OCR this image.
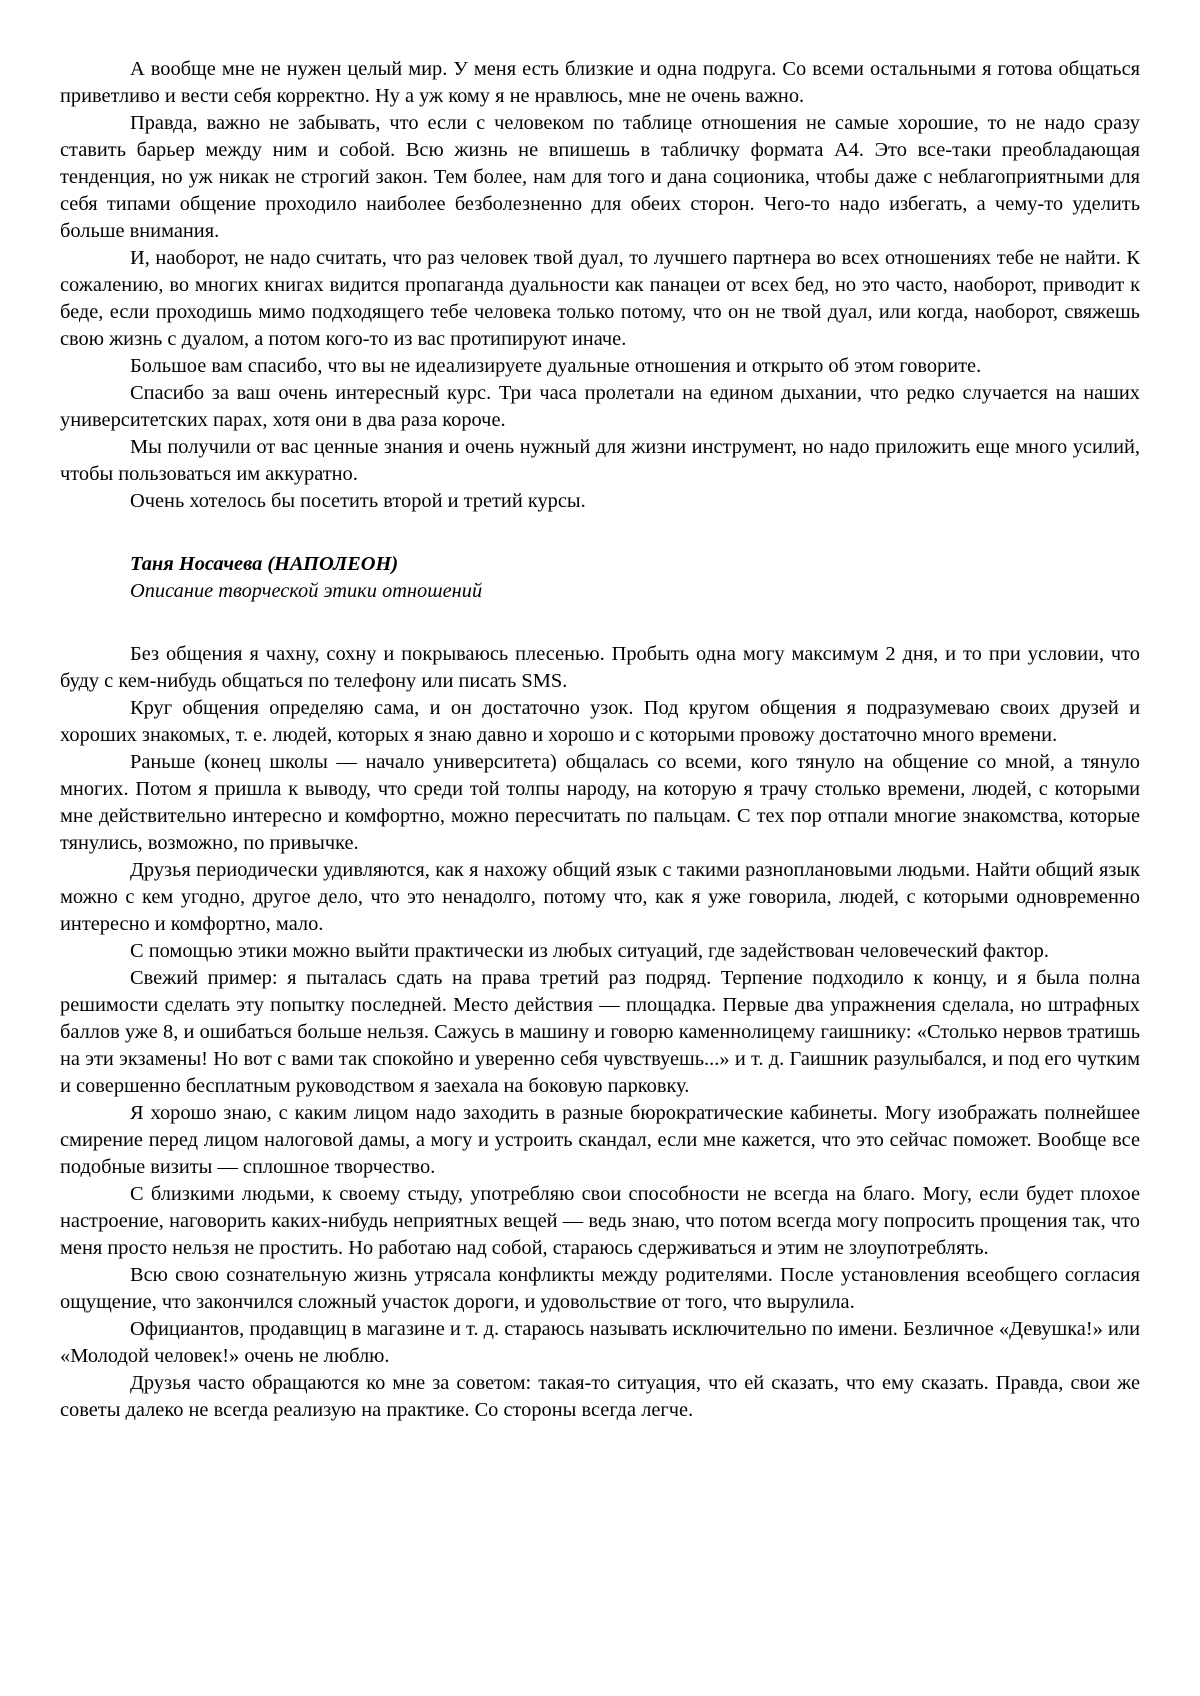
А вообще мне не нужен целый мир. У меня есть близкие и одна подруга. Со всеми остальными я готова общаться приветливо и вести себя корректно. Ну а уж кому я не нравлюсь, мне не очень важно.

Правда, важно не забывать, что если с человеком по таблице отношения не самые хорошие, то не надо сразу ставить барьер между ним и собой. Всю жизнь не впишешь в табличку формата А4. Это все-таки преобладающая тенденция, но уж никак не строгий закон. Тем более, нам для того и дана соционика, чтобы даже с неблагоприятными для себя типами общение проходило наиболее безболезненно для обеих сторон. Чего-то надо избегать, а чему-то уделить больше внимания.

И, наоборот, не надо считать, что раз человек твой дуал, то лучшего партнера во всех отношениях тебе не найти. К сожалению, во многих книгах видится пропаганда дуальности как панацеи от всех бед, но это часто, наоборот, приводит к беде, если проходишь мимо подходящего тебе человека только потому, что он не твой дуал, или когда, наоборот, свяжешь свою жизнь с дуалом, а потом кого-то из вас протипируют иначе.

Большое вам спасибо, что вы не идеализируете дуальные отношения и открыто об этом говорите.

Спасибо за ваш очень интересный курс. Три часа пролетали на едином дыхании, что редко случается на наших университетских парах, хотя они в два раза короче.

Мы получили от вас ценные знания и очень нужный для жизни инструмент, но надо приложить еще много усилий, чтобы пользоваться им аккуратно.

Очень хотелось бы посетить второй и третий курсы.

Таня Носачева (НАПОЛЕОН)

Описание творческой этики отношений

Без общения я чахну, сохну и покрываюсь плесенью. Пробыть одна могу максимум 2 дня, и то при условии, что буду с кем-нибудь общаться по телефону или писать SMS.

Круг общения определяю сама, и он достаточно узок. Под кругом общения я подразумеваю своих друзей и хороших знакомых, т. е. людей, которых я знаю давно и хорошо и с которыми провожу достаточно много времени.

Раньше (конец школы — начало университета) общалась со всеми, кого тянуло на общение со мной, а тянуло многих. Потом я пришла к выводу, что среди той толпы народу, на которую я трачу столько времени, людей, с которыми мне действительно интересно и комфортно, можно пересчитать по пальцам. С тех пор отпали многие знакомства, которые тянулись, возможно, по привычке.

Друзья периодически удивляются, как я нахожу общий язык с такими разноплановыми людьми. Найти общий язык можно с кем угодно, другое дело, что это ненадолго, потому что, как я уже говорила, людей, с которыми одновременно интересно и комфортно, мало.

С помощью этики можно выйти практически из любых ситуаций, где задействован человеческий фактор.

Свежий пример: я пыталась сдать на права третий раз подряд. Терпение подходило к концу, и я была полна решимости сделать эту попытку последней. Место действия — площадка. Первые два упражнения сделала, но штрафных баллов уже 8, и ошибаться больше нельзя. Сажусь в машину и говорю каменнолицему гаишнику: «Столько нервов тратишь на эти экзамены! Но вот с вами так спокойно и уверенно себя чувствуешь...» и т. д. Гаишник разулыбался, и под его чутким и совершенно бесплатным руководством я заехала на боковую парковку.

Я хорошо знаю, с каким лицом надо заходить в разные бюрократические кабинеты. Могу изображать полнейшее смирение перед лицом налоговой дамы, а могу и устроить скандал, если мне кажется, что это сейчас поможет. Вообще все подобные визиты — сплошное творчество.

С близкими людьми, к своему стыду, употребляю свои способности не всегда на благо. Могу, если будет плохое настроение, наговорить каких-нибудь неприятных вещей — ведь знаю, что потом всегда могу попросить прощения так, что меня просто нельзя не простить. Но работаю над собой, стараюсь сдерживаться и этим не злоупотреблять.

Всю свою сознательную жизнь утрясала конфликты между родителями. После установления всеобщего согласия ощущение, что закончился сложный участок дороги, и удовольствие от того, что вырулила.

Официантов, продавщиц в магазине и т. д. стараюсь называть исключительно по имени. Безличное «Девушка!» или «Молодой человек!» очень не люблю.

Друзья часто обращаются ко мне за советом: такая-то ситуация, что ей сказать, что ему сказать. Правда, свои же советы далеко не всегда реализую на практике. Со стороны всегда легче.
